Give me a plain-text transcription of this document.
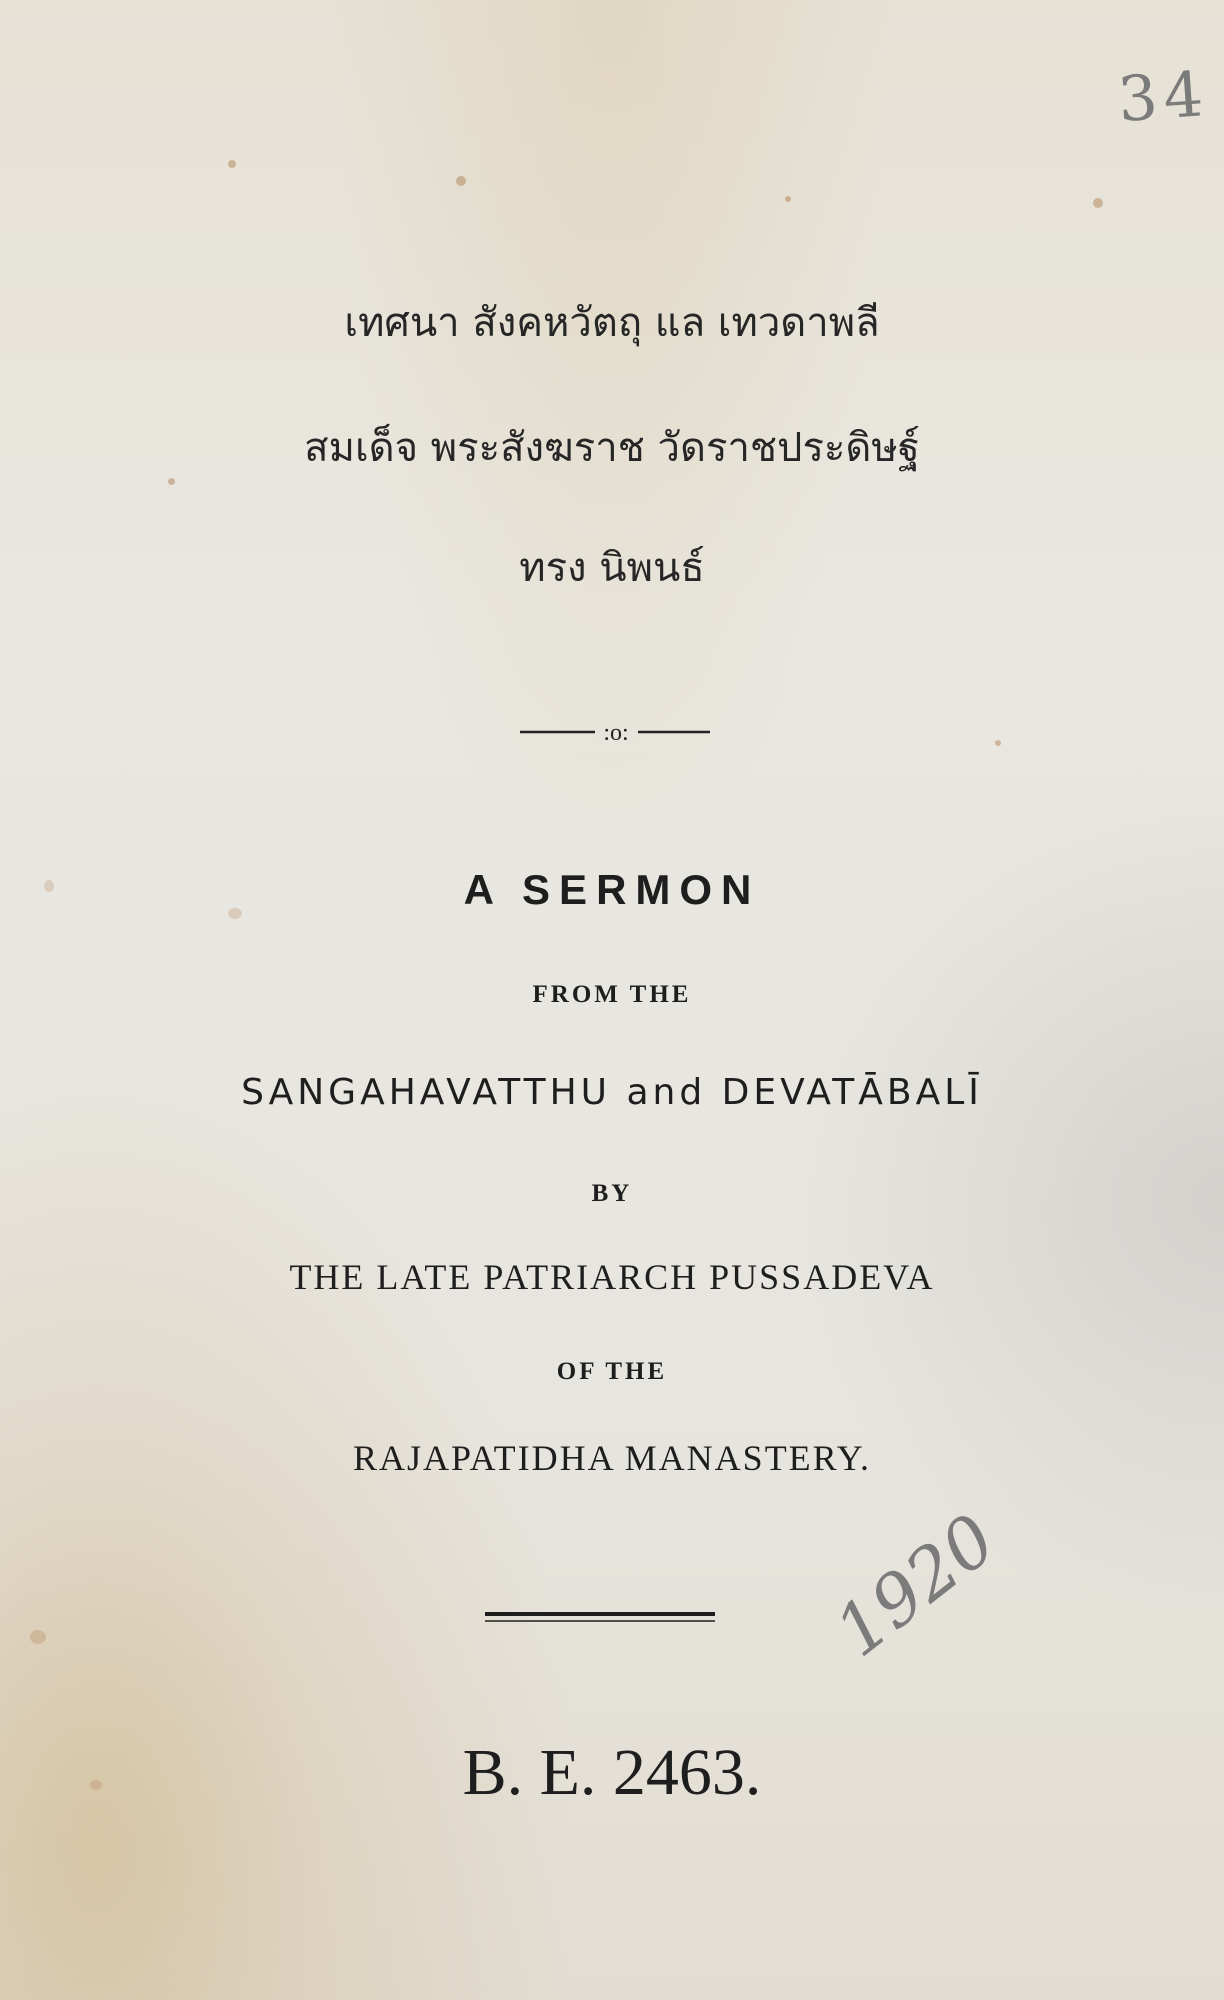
34
1920
เทศนา สังคหวัตถุ แล เทวดาพลี
สมเด็จ พระสังฆราช วัดราชประดิษฐ์
ทรง นิพนธ์
:o:
A SERMON
FROM THE
SANGAHAVATTHU and DEVATĀBALĪ
BY
THE LATE PATRIARCH PUSSADEVA
OF THE
RAJAPATIDHA MANASTERY.
B. E. 2463.
